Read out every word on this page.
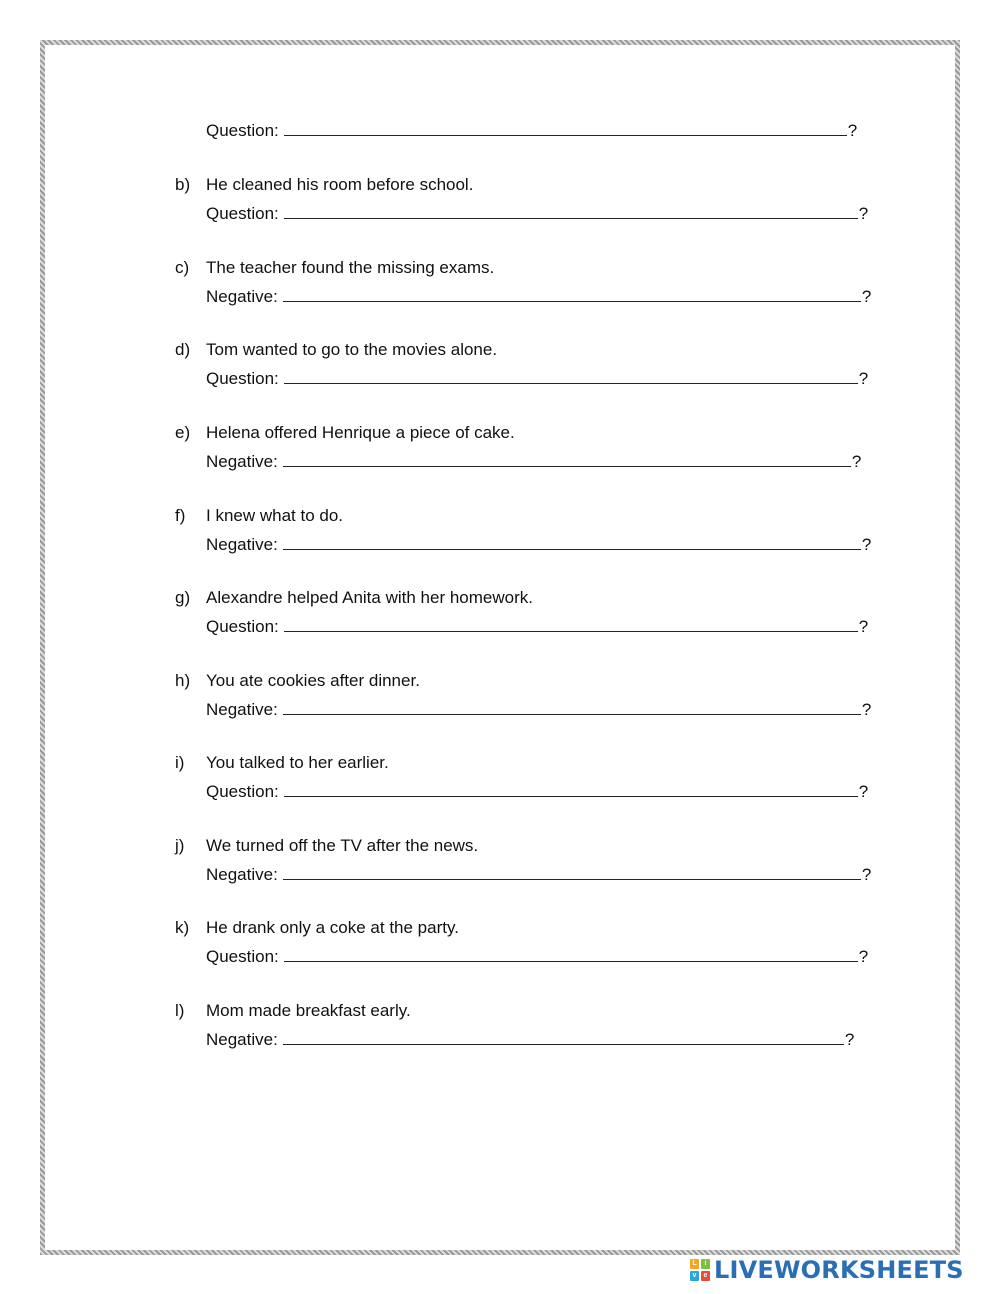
Question:	?
b) He cleaned his room before school.
Question:	?
c) The teacher found the missing exams.
Negative:	?
d) Tom wanted to go to the movies alone.
Question:	?
e) Helena offered Henrique a piece of cake.
Negative:	?
f)	I knew what to do.
Negative:	?
g) Alexandre helped Anita with her homework.
Question:	?
h) You ate cookies after dinner.
Negative:	?
i)	You talked to her earlier.
Question:	?
j)	We turned off the TV after the news.
Negative:	?
k) He drank only a coke at the party.
Question:	?
l)	Mom made breakfast early.
Negative:	?
L	i
v	e LIVEWORKSHEETS
